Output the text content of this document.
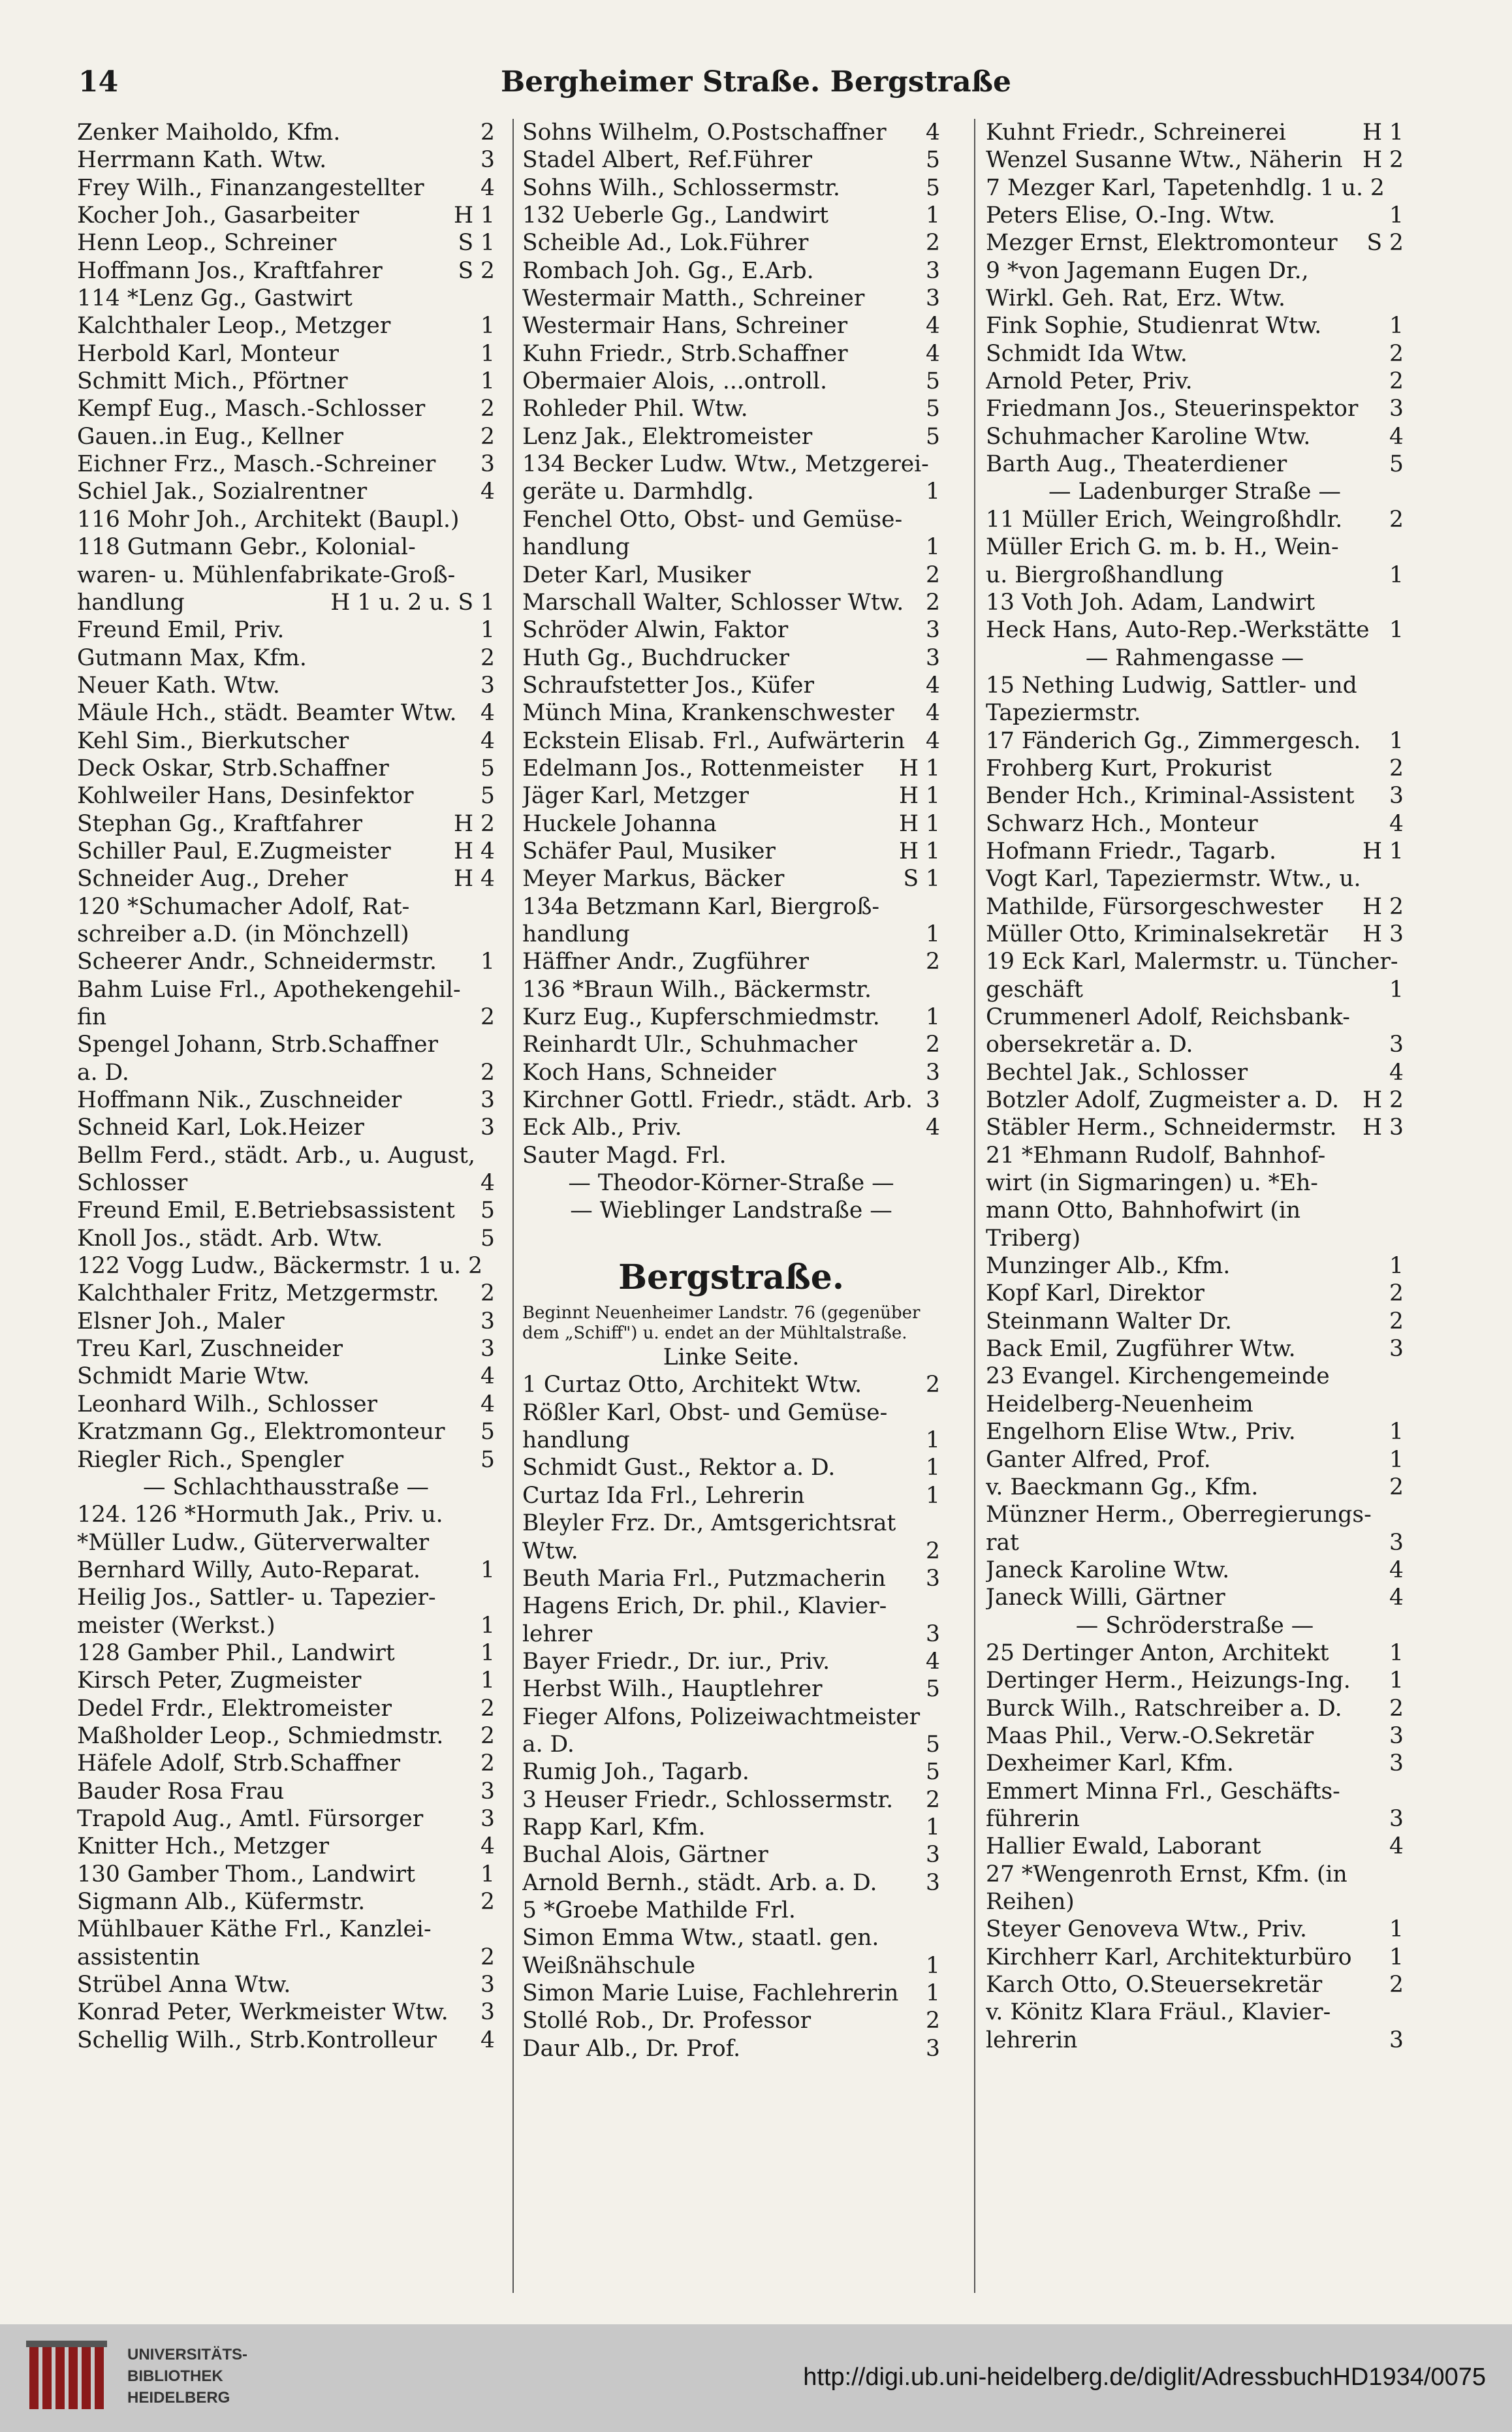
14	Bergheimer Straße. Bergstraße
Zenker Maiholdo, Kfm.	2
Herrmann Kath. Wtw.	3
Frey Wilh., Finanzangestellter	4
Kocher Joh., Gasarbeiter	H 1
Henn Leop., Schreiner	S 1
Hoffmann Jos., Kraftfahrer	S 2
114 *Lenz Gg., Gastwirt
Kalchthaler Leop., Metzger	1
Herbold Karl, Monteur	1
Schmitt Mich., Pförtner	1
Kempf Eug., Masch.-Schlosser 2
Gauen..in Eug., Kellner	2
Eichner Frz., Masch.-Schreiner 3
Schiel Jak., Sozialrentner	4
116 Mohr Joh., Architekt (Baupl.)
118 Gutmann Gebr., Kolonial-
waren- u. Mühlenfabrikate-Groß-
handlung	H 1 u. 2 u. S 1
Freund Emil, Priv.	1
Gutmann Max, Kfm.	2
Neuer Kath. Wtw.	3
Mäule Hch., städt. Beamter Wtw. 4
Kehl Sim., Bierkutscher	4
Deck Oskar, Strb.Schaffner	5
Kohlweiler Hans, Desinfektor	5
Stephan Gg., Kraftfahrer	H 2
Schiller Paul, E.Zugmeister	H 4
Schneider Aug., Dreher	H 4
120 *Schumacher Adolf, Rat-
schreiber a.D. (in Mönchzell)
Scheerer Andr., Schneidermstr. 1
Bahm Luise Frl., Apothekengehil-
fin	2
Spengel Johann, Strb.Schaffner
a. D.	2
Hoffmann Nik., Zuschneider	3
Schneid Karl, Lok.Heizer	3
Bellm Ferd., städt. Arb., u. August,
Schlosser	4
Freund Emil, E.Betriebsassistent 5
Knoll Jos., städt. Arb. Wtw.	5
122 Vogg Ludw., Bäckermstr. 1 u. 2
Kalchthaler Fritz, Metzgermstr. 2
Elsner Joh., Maler	3
Treu Karl, Zuschneider	3
Schmidt Marie Wtw.	4
Leonhard Wilh., Schlosser	4
Kratzmann Gg., Elektromonteur 5
Riegler Rich., Spengler	5
— Schlachthausstraße —
124. 126 *Hormuth Jak., Priv. u.
*Müller Ludw., Güterverwalter
Bernhard Willy, Auto-Reparat.	1
Heilig Jos., Sattler- u. Tapezier-
meister (Werkst.)	1
128 Gamber Phil., Landwirt	1
Kirsch Peter, Zugmeister	1
Dedel Frdr., Elektromeister	2
Maßholder Leop., Schmiedmstr. 2
Häfele Adolf, Strb.Schaffner	2
Bauder Rosa Frau	3
Trapold Aug., Amtl. Fürsorger	3
Knitter Hch., Metzger	4
130 Gamber Thom., Landwirt	1
Sigmann Alb., Küfermstr.	2
Mühlbauer Käthe Frl., Kanzlei-
assistentin	2
Strübel Anna Wtw.	3
Konrad Peter, Werkmeister Wtw. 3
Schellig Wilh., Strb.Kontrolleur 4
Sohns Wilhelm, O.Postschaffner 4
Stadel Albert, Ref.Führer	5
Sohns Wilh., Schlossermstr.	5
132 Ueberle Gg., Landwirt	1
Scheible Ad., Lok.Führer	2
Rombach Joh. Gg., E.Arb.	3
Westermair Matth., Schreiner	3
Westermair Hans, Schreiner	4
Kuhn Friedr., Strb.Schaffner	4
Obermaier Alois, ...ontroll.	5
Rohleder Phil. Wtw.	5
Lenz Jak., Elektromeister	5
134 Becker Ludw. Wtw., Metzgerei-
geräte u. Darmhdlg.	1
Fenchel Otto, Obst- und Gemüse-
handlung	1
Deter Karl, Musiker	2
Marschall Walter, Schlosser Wtw. 2
Schröder Alwin, Faktor	3
Huth Gg., Buchdrucker	3
Schraufstetter Jos., Küfer	4
Münch Mina, Krankenschwester 4
Eckstein Elisab. Frl., Aufwärterin 4
Edelmann Jos., Rottenmeister H 1
Jäger Karl, Metzger	H 1
Huckele Johanna	H 1
Schäfer Paul, Musiker	H 1
Meyer Markus, Bäcker	S 1
134a Betzmann Karl, Biergroß-
handlung	1
Häffner Andr., Zugführer	2
136 *Braun Wilh., Bäckermstr.
Kurz Eug., Kupferschmiedmstr. 1
Reinhardt Ulr., Schuhmacher	2
Koch Hans, Schneider	3
Kirchner Gottl. Friedr., städt. Arb. 3
Eck Alb., Priv.	4
Sauter Magd. Frl.
— Theodor-Körner-Straße —
— Wieblinger Landstraße —
Bergstraße.
Beginnt Neuenheimer Landstr. 76 (gegenüber
dem „Schiff") u. endet an der Mühltalstraße.
Linke Seite.
1 Curtaz Otto, Architekt Wtw.	2
Rößler Karl, Obst- und Gemüse-
handlung	1
Schmidt Gust., Rektor a. D.	1
Curtaz Ida Frl., Lehrerin	1
Bleyler Frz. Dr., Amtsgerichtsrat
Wtw.	2
Beuth Maria Frl., Putzmacherin 3
Hagens Erich, Dr. phil., Klavier-
lehrer	3
Bayer Friedr., Dr. iur., Priv.	4
Herbst Wilh., Hauptlehrer	5
Fieger Alfons, Polizeiwachtmeister
a. D.	5
Rumig Joh., Tagarb.	5
3 Heuser Friedr., Schlossermstr. 2
Rapp Karl, Kfm.	1
Buchal Alois, Gärtner	3
Arnold Bernh., städt. Arb. a. D. 3
5 *Groebe Mathilde Frl.
Simon Emma Wtw., staatl. gen.
Weißnähschule	1
Simon Marie Luise, Fachlehrerin 1
Stollé Rob., Dr. Professor	2
Daur Alb., Dr. Prof.	3
Kuhnt Friedr., Schreinerei	H 1
Wenzel Susanne Wtw., Näherin H 2
7 Mezger Karl, Tapetenhdlg. 1 u. 2
Peters Elise, O.-Ing. Wtw.	1
Mezger Ernst, Elektromonteur S 2
9 *von Jagemann Eugen Dr.,
Wirkl. Geh. Rat, Erz. Wtw.
Fink Sophie, Studienrat Wtw.	1
Schmidt Ida Wtw.	2
Arnold Peter, Priv.	2
Friedmann Jos., Steuerinspektor 3
Schuhmacher Karoline Wtw.	4
Barth Aug., Theaterdiener	5
— Ladenburger Straße —
11 Müller Erich, Weingroßhdlr. 2
Müller Erich G. m. b. H., Wein-
u. Biergroßhandlung	1
13 Voth Joh. Adam, Landwirt
Heck Hans, Auto-Rep.-Werkstätte 1
— Rahmengasse —
15 Nething Ludwig, Sattler- und
Tapeziermstr.
17 Fänderich Gg., Zimmergesch. 1
Frohberg Kurt, Prokurist	2
Bender Hch., Kriminal-Assistent 3
Schwarz Hch., Monteur	4
Hofmann Friedr., Tagarb.	H 1
Vogt Karl, Tapeziermstr. Wtw., u.
Mathilde, Fürsorgeschwester H 2
Müller Otto, Kriminalsekretär H 3
19 Eck Karl, Malermstr. u. Tüncher-
geschäft	1
Crummenerl Adolf, Reichsbank-
obersekretär a. D.	3
Bechtel Jak., Schlosser	4
Botzler Adolf, Zugmeister a. D. H 2
Stäbler Herm., Schneidermstr. H 3
21 *Ehmann Rudolf, Bahnhof-
wirt (in Sigmaringen) u. *Eh-
mann Otto, Bahnhofwirt (in
Triberg)
Munzinger Alb., Kfm.	1
Kopf Karl, Direktor	2
Steinmann Walter Dr.	2
Back Emil, Zugführer Wtw.	3
23 Evangel. Kirchengemeinde
Heidelberg-Neuenheim
Engelhorn Elise Wtw., Priv.	1
Ganter Alfred, Prof.	1
v. Baeckmann Gg., Kfm.	2
Münzner Herm., Oberregierungs-
rat	3
Janeck Karoline Wtw.	4
Janeck Willi, Gärtner	4
— Schröderstraße —
25 Dertinger Anton, Architekt	1
Dertinger Herm., Heizungs-Ing. 1
Burck Wilh., Ratschreiber a. D. 2
Maas Phil., Verw.-O.Sekretär	3
Dexheimer Karl, Kfm.	3
Emmert Minna Frl., Geschäfts-
führerin	3
Hallier Ewald, Laborant	4
27 *Wengenroth Ernst, Kfm. (in
Reihen)
Steyer Genoveva Wtw., Priv.	1
Kirchherr Karl, Architekturbüro 1
Karch Otto, O.Steuersekretär	2
v. Könitz Klara Fräul., Klavier-
lehrerin	3
UNIVERSITÄTS-
BIBLIOTHEK
HEIDELBERG
http://digi.ub.uni-heidelberg.de/diglit/AdressbuchHD1934/0075
